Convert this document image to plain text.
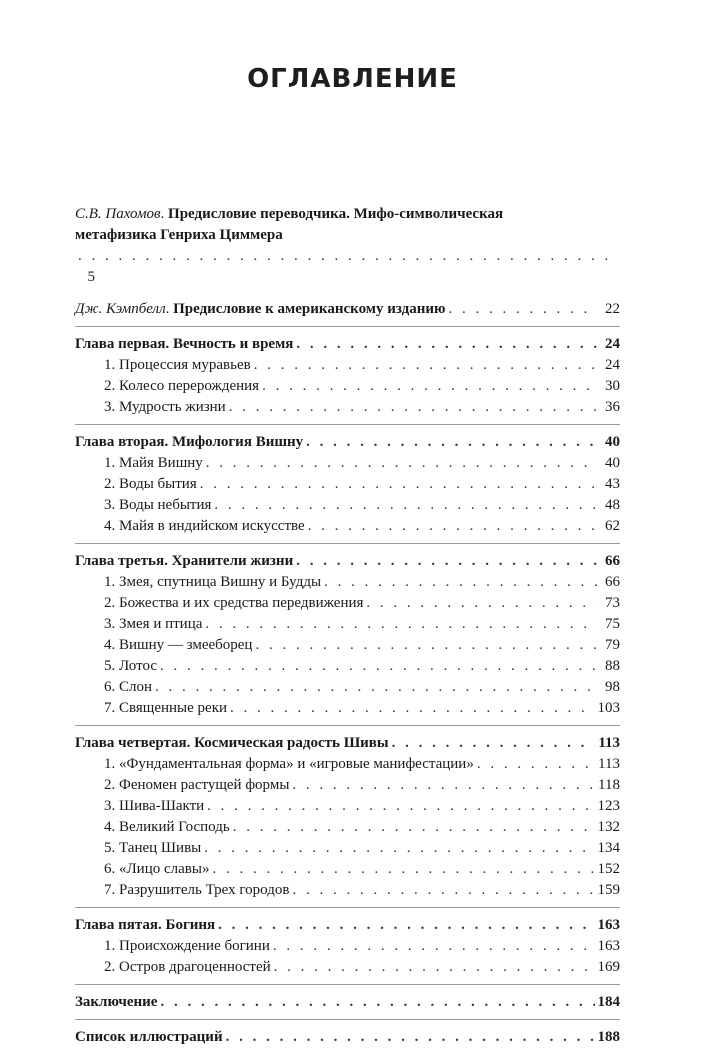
ОГЛАВЛЕНИЕ
С.В. Пахомов. Предисловие переводчика. Мифо-символическая
метафизика Генриха Циммера
. . .
5
Дж. Кэмпбелл. Предисловие к американскому изданию . . .	22
Глава первая. Вечность и время . . .	24
1. Процессия муравьев . . .	24
2. Колесо перерождения . . .	30
3. Мудрость жизни . . .	36
Глава вторая. Мифология Вишну . . .	40
1. Майя Вишну . . .	40
2. Воды бытия . . .	43
3. Воды небытия . . .	48
4. Майя в индийском искусстве . . .	62
Глава третья. Хранители жизни . . .	66
1. Змея, спутница Вишну и Будды . . .	66
2. Божества и их средства передвижения . . .	73
3. Змея и птица . . .	75
4. Вишну — змееборец . . .	79
5. Лотос . . .	88
6. Слон . . .	98
7. Священные реки . . .	103
Глава четвертая. Космическая радость Шивы . . .	113
1. «Фундаментальная форма» и «игровые манифестации» . . .	113
2. Феномен растущей формы . . .	118
3. Шива-Шакти . . .	123
4. Великий Господь . . .	132
5. Танец Шивы . . .	134
6. «Лицо славы» . . .	152
7. Разрушитель Трех городов . . .	159
Глава пятая. Богиня . . .	163
1. Происхождение богини . . .	163
2. Остров драгоценностей . . .	169
Заключение . . .	184
Список иллюстраций . . .	188
